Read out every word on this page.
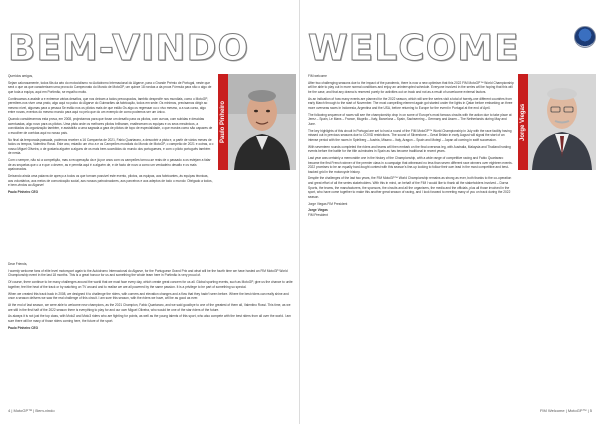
BEM-VINDO
Paulo Pinheiro

Queridos amigos,

Sejam calorosamente, todos fãs da aéo do motociclismo no Autódromo Internacional do Algarve, para o Grande Prémio de Portugal, neste que será o que as que caracterizam uma prova do Campeonato do Mundo de MotoGP, um quinze 18 rondas a da prova Fórmula para não o algo de que toda a equipa, aqui em Portimão, se espalho muito.

Continuamos a assistir a e extremar várias desafios, que nos deixam a todos preocupados, tambito despecife nos mundiais, como o MotoGP, permitem-nos viver uma prato, algo aqui no palco do Algarve do Guimarães da fabricação, todos em sede: Os minimos, precisamos dirigir ao mesmo nível, algumas para a pessoa Se estão nos os pilotos mais de que estão Os algo os regressar ou o vivo mesmo, a a sua curso, algo entre novas, eventos do mesmo mundo para aqui no pelo que do um exemplo de como podemos ser um único.

Quando considerarmos esta prova, em 2008, projectamos para que fosse um desafio para os pilotos, com curvas, com subidas e descidas acentuadas, algo novo para os pilotos. Uma pista onde os melhores pilotos brilharam, enalteceram os equipas e os seus mecânicos, a convidados da organização também, e assistirão a uma sagrada a gara de pilotos de topo de especialidade, o que mostra como são capazes de o escolher de corridas aqui no nosso país.

No final da temporada passada, podemos receber a 16 Campanha de 2021, Fabio Quartararo, a descobrir a pista e, a partir de vários meses de todos os tempos, Valentino Rossi. Este ano, estarão um vivo a e os Campeões mundiais do Mundo de MotoGP, o campeão de 2021 e outras, a o nosso Miguel Oliveira, o de gostaria alguém a alguns de os mais bem-sucedidos do mundo dos portugueses, e com o piloto português também de nesta.

Com o sempre, não só a competição, mas a recuperação da e já por anos com os campeões tornou-se reais de o passado a os estejam a falar de as sequelas que o a e que o devem, as e permita aqui é a alguém de, e de facto de novo a como um verdadeiro desafio e os mais apaixonados.

Deixando ainda uma palavra de apreço a todos os que tornam possível este evento, pilotos, as equipas, aos fabricantes, às equipas técnicas, aos voluntários, aos meios de comunicação social, aos nossos patrocinadores, aos parceiros e aos adeptos de todo o mundo: Obrigado a todos, e bem-vindos ao Algarve!

Paulo Pinheiro CEO

Dear Friends,

I warmly welcome fans of elite level motorsport again to the Autódromo Internacional do Algarve, for the Portuguese Grand Prix and what will be the fourth time we have hosted an FIM MotoGP World Championship event in the last 18 months. This is a great honour for us and something the whole team here in Portimão is very proud of.

Of course, there continue to be many challenges around the world that we must face every day, which create great concern for us all. Global sporting events, such as MotoGP, give us the chance to unite together, feel the heat of the track or by watching on TV around and to realise we are all powered by the same passion. It is a privilege to be part of something so special.

When we created this track back in 2008, we designed it to challenge the riders, with corners and elevation changes and a flow that they hadn't seen before. Where the best riders can really shine and once a season delivers we saw the real challenge of this circuit. I am sure this season, with the riders we have, will be as good as ever.

At the end of last season, we were able to welcome new champions, as the 2021 Champion, Fabio Quartararo, and we said goodbye to one of the greatest of them all, Valentino Rossi. This time, as we are still in the first half of the 2022 season there is everything to play for and our own Miguel Oliveira, who would be one of the star riders of the future.

As always it is not just the top class, with Moto2 and Moto3 riders who are fighting for points, as well as the young talents of this sport, who also compete with the best riders from all over the world. I am sure there will be many of those riders coming here, the future of the sport.

Paulo Pinheiro CEO

4 | MotoGP™ | Bem-vindo
WELCOME
Jorge Viegas

FIM welcome

After two challenging seasons due to the impact of the pandemic, there is now a new optimism that this 2022 FIM MotoGP™ World Championship will be able to play out in more normal conditions and enjoy an uninterrupted schedule. Everyone involved in the series will be hoping that this will be the case, and that any drama is reserved purely for activities out on track and not as a result of unwelcome external factors.

As an indication of how many events are planned for the 2022 season, which will see the series visit a total of twenty-one different countries from early March through to the start of November. The most compelling element again got started under the lights in Qatar before embarking on three more overseas races in Indonesia, Argentina and the USA, before returning to Europe for the event in Portugal at the end of April.

The following sequence of races will see the championship drop in on some of Europe's most famous circuits with the action due to take place at Jerez – Spain, Le Mans – France, Mugello – Italy, Barcelona – Spain, Sachsenring – Germany and Assen – The Netherlands during May and June.

The key highlights of this circuit in Portugal are set to host a round of the FIM MotoGP™ World Championship in July with the race facility having missed out in previous seasons due to COVID restrictions. The sound of Silverstone – Great Britain in early August will signal the start of an intense period with the races in Spielberg – Austria, Misano – Italy, Aragon – Spain and Motegi – Japan all coming in swift succession.

With seventeen rounds completed the riders and teams will then embark on the final overseas leg, with Australia, Malaysia and Thailand hosting events before the battle for the title culminates in Spain as has become traditional in recent years.

Last year was certainly a memorable one in the history of the Championship, with a wide range of competitive racing and Fabio Quartararo became the first French winner of the premier class in a campaign that witnessed no less than seven different race winners over eighteen events. 2022 promises to be an equally hard-fought contest with this season's line-up looking to follow their own lead in the most competitive and best-backed grid in the motorcycle history.

Despite the challenges of the last two years, the FIM MotoGP™ World Championship remains as strong as ever, both thanks to the co-operation and great effort of all the series stakeholders. With this in mind, on behalf of the FIM I would like to thank all the stakeholders involved – Dorna Sports, the teams, the manufacturers, the sponsors, the circuits and all the organisers, the media and the officials, plus all those involved in the sport, who have come together to make this another great season of racing, and I look forward to meeting many of you on track during the 2022 season.

Jorge Viegas FIM President

Jorge Viegas

FIM President

FIM Welcome | MotoGP™ | 5
